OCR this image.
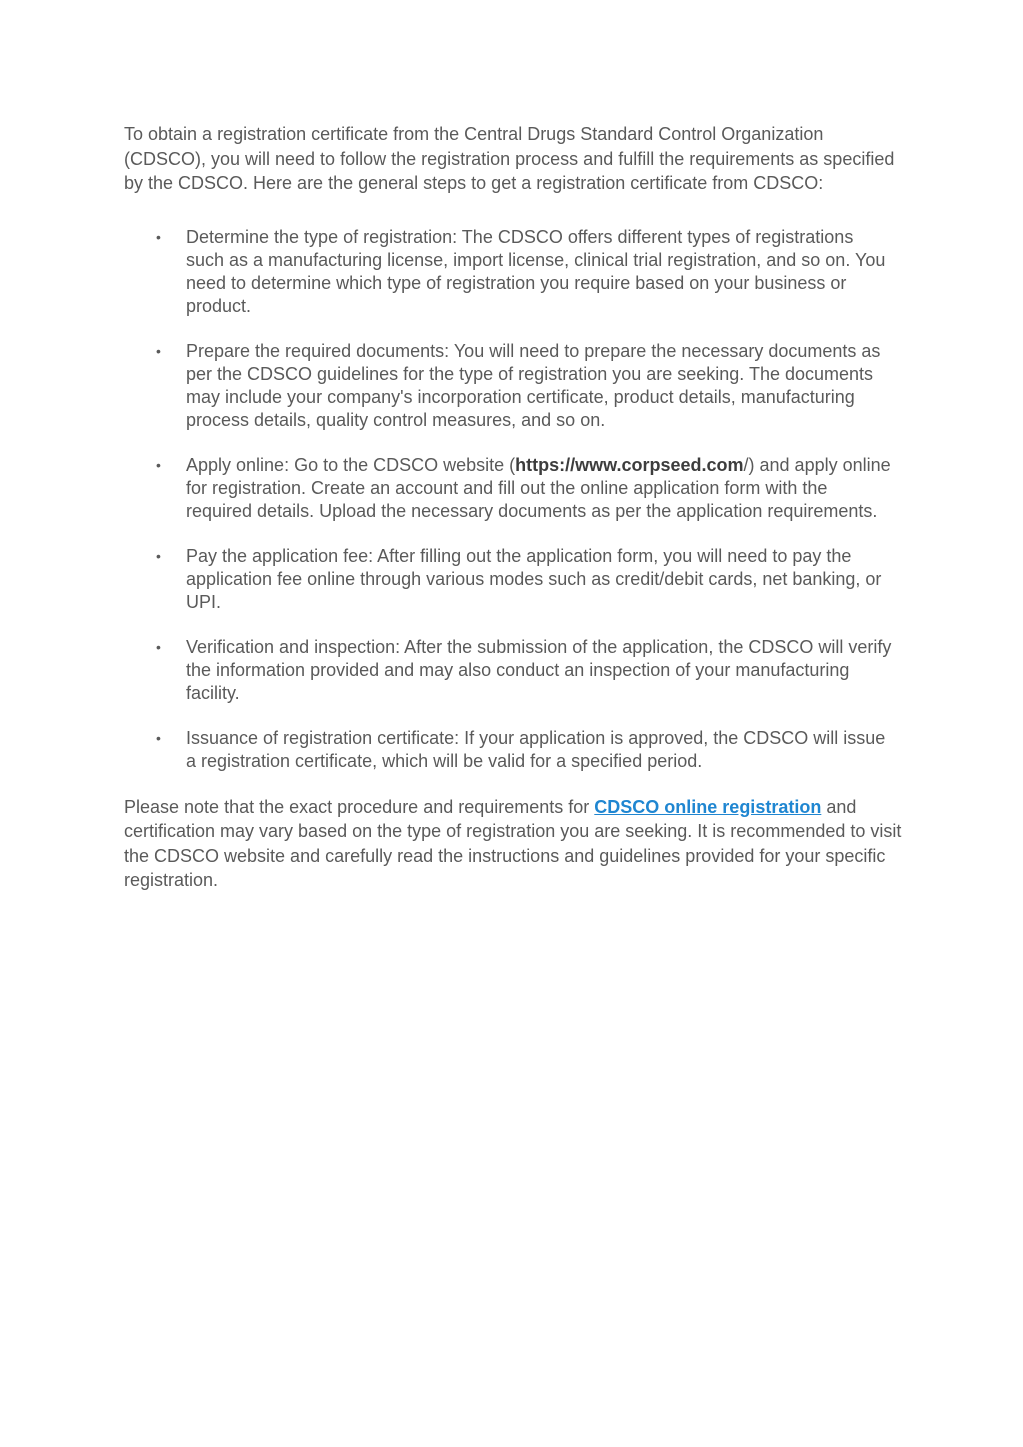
To obtain a registration certificate from the Central Drugs Standard Control Organization (CDSCO), you will need to follow the registration process and fulfill the requirements as specified by the CDSCO. Here are the general steps to get a registration certificate from CDSCO:

• Determine the type of registration: The CDSCO offers different types of registrations such as a manufacturing license, import license, clinical trial registration, and so on. You need to determine which type of registration you require based on your business or product.
• Prepare the required documents: You will need to prepare the necessary documents as per the CDSCO guidelines for the type of registration you are seeking. The documents may include your company's incorporation certificate, product details, manufacturing process details, quality control measures, and so on.
• Apply online: Go to the CDSCO website (https://www.corpseed.com/) and apply online for registration. Create an account and fill out the online application form with the required details. Upload the necessary documents as per the application requirements.
• Pay the application fee: After filling out the application form, you will need to pay the application fee online through various modes such as credit/debit cards, net banking, or UPI.
• Verification and inspection: After the submission of the application, the CDSCO will verify the information provided and may also conduct an inspection of your manufacturing facility.
• Issuance of registration certificate: If your application is approved, the CDSCO will issue a registration certificate, which will be valid for a specified period.

Please note that the exact procedure and requirements for CDSCO online registration and certification may vary based on the type of registration you are seeking. It is recommended to visit the CDSCO website and carefully read the instructions and guidelines provided for your specific registration.
